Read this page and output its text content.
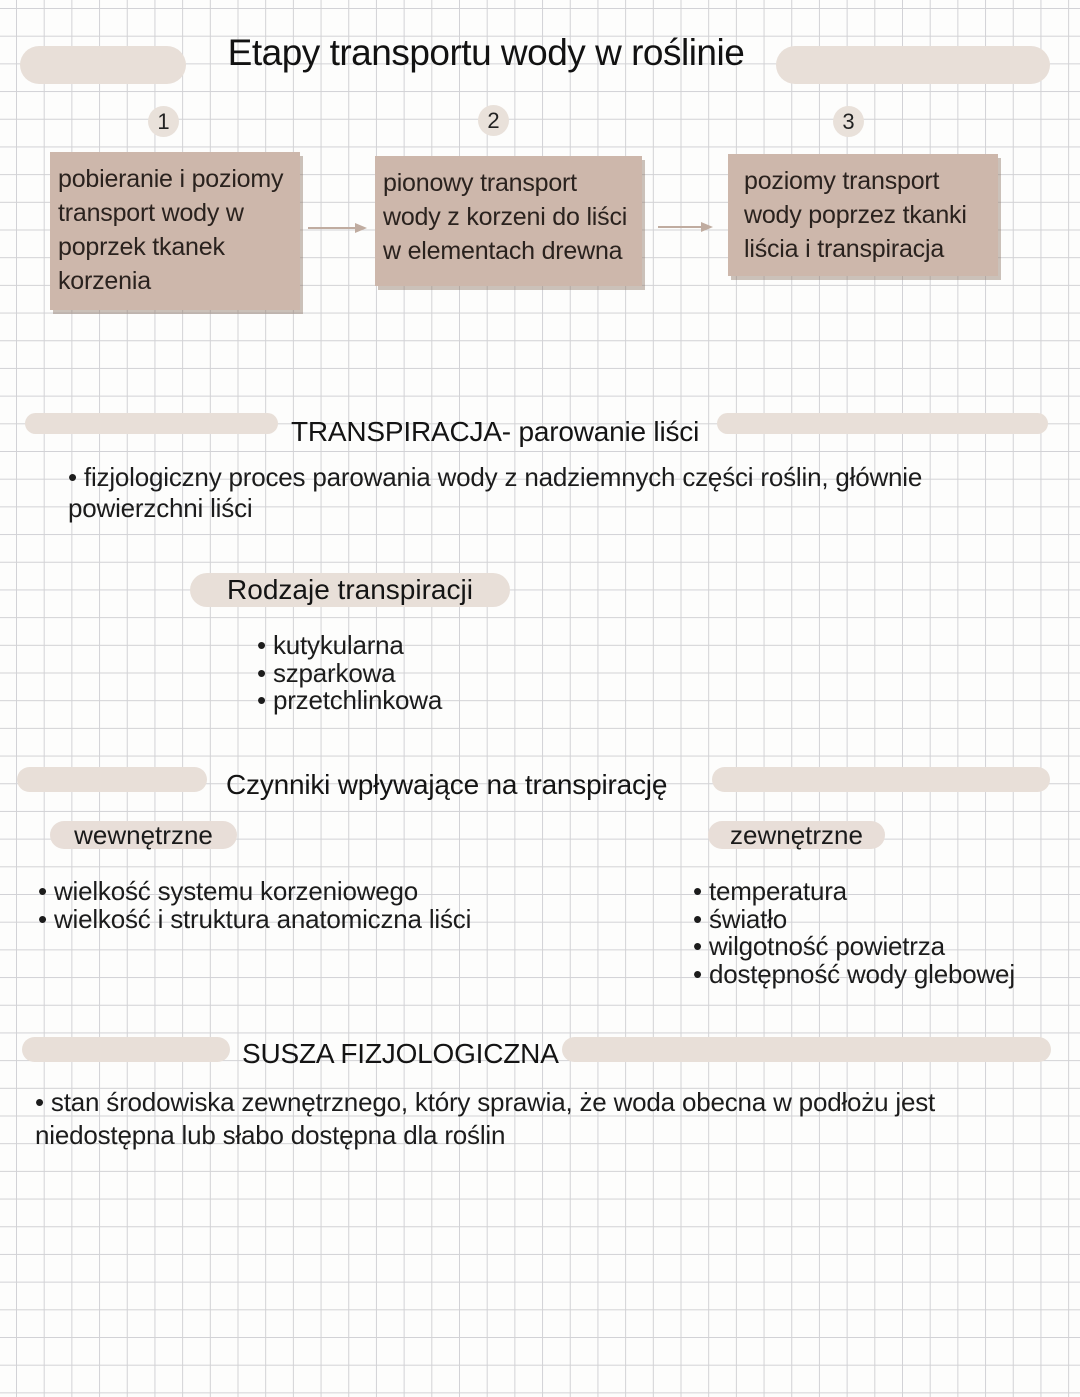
Etapy transportu wody w roślinie
1	2	3
pobieranie i poziomy
transport wody w
poprzek tkanek
korzenia
pionowy transport
wody z korzeni do liści
w elementach drewna
poziomy transport
wody poprzez tkanki
liścia i transpiracja
TRANSPIRACJA- parowanie liści
• fizjologiczny proces parowania wody z nadziemnych części roślin, głównie
powierzchni liści
Rodzaje transpiracji
• kutykularna
• szparkowa
• przetchlinkowa
Czynniki wpływające na transpirację
wewnętrzne	zewnętrzne
• wielkość systemu korzeniowego
• wielkość i struktura anatomiczna liści
• temperatura
• światło
• wilgotność powietrza
• dostępność wody glebowej
SUSZA FIZJOLOGICZNA
• stan środowiska zewnętrznego, który sprawia, że woda obecna w podłożu jest
niedostępna lub słabo dostępna dla roślin
